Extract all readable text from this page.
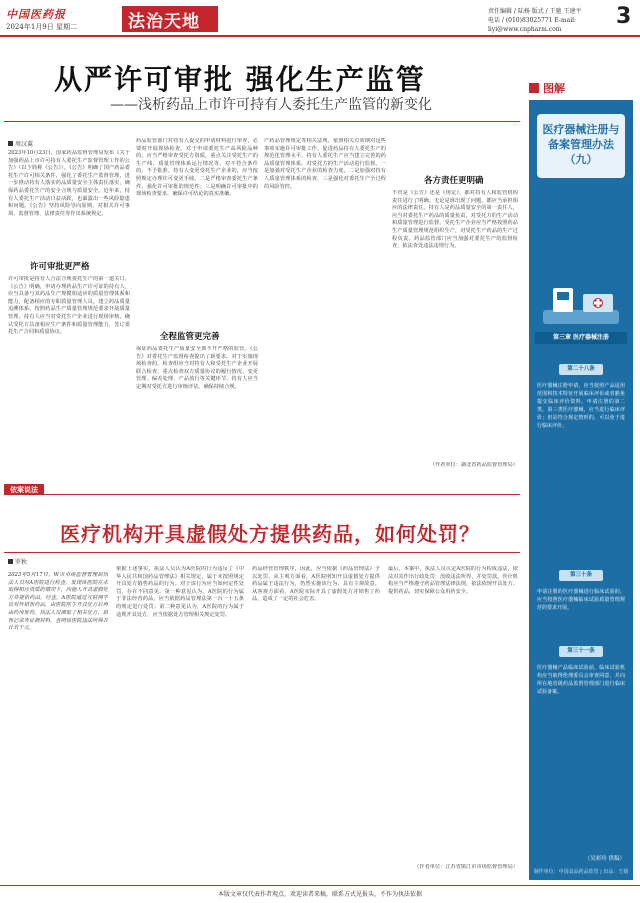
中国医药报
2024年1月9日 星期二	法治天地
责任编辑 / 陆杨 版式 / 王驰 王建平
电话 / (010)83025771 E-mail: liyi@www.cnpharm.com
3
从严许可审批 强化生产监管
——浅析药品上市许可持有人委托生产监管的新变化
周汉翼
2023年10月23日，国家药品监督管理局发布《关于加强药品上市许可持有人委托生产监督管理工作的公告》（以下简称《公告》）。《公告》明确了国产药品委托生产许可相关条件，强化了委托生产监督管理，进一步推动持有人落实药品质量安全主体责任落实，确保药品委托生产的安全合规与质量安全。近年来，持有人委托生产活动日益活跃，也暴露出一些风险隐患和问题。《公告》坚持风险导向原则，对相关许可事项、监督管理、法律责任等作出系统规定。
许可审批更严格
许可审批是持有人合法合规委托生产的第一道关口。《公告》明确，申请办理药品生产许可证的持有人，应当具备与其药品生产规模相适应的质量管理体系和能力，配备相应的专职质量管理人员，建立药品质量追溯体系，按照药品生产质量管理规范要求开展质量管理。持有人应当对受托生产企业进行现场审核，确认受托方具备相应生产条件和质量管理能力，签订委托生产合同和质量协议。
药品监管部门对持有人提交的申请材料进行审查，必要时开展现场检查。对于申请委托生产高风险品种的，应当严格审查受托方资质，重点关注受托生产的生产线、质量管理体系运行情况等。对不符合条件的，不予批准。持有人变更受托生产企业的，应当按照规定办理许可变更手续。二是严格审查委托生产条件，强化许可审批的规范性；三是明确许可审批中的现场检查要求，确保许可结论的真实准确。
全程监管更完善
保证药品委托生产质量安全离不开严格的监管。《公告》对委托生产监督检查提出了新要求。对于实施现场检查的，检查组应当对持有人和受托生产企业开展联合检查，重点检查双方质量协议的履行情况、变更管理、偏差处理、产品放行等关键环节。持有人应当定期对受托方进行审核评估，确保持续合规。
产药品管理规定等相关法规，依照相关有效期对这些事项实施许可审批工作，促进药品持有人委托生产的规范化管理水平。持有人委托生产应当建立完善的药品质量管理体系，对受托方的生产活动进行监督。一是加强对受托生产企业的检查力度，二是加强对持有人质量管理体系的检查，三是强化对委托生产全过程的风险管控。
各方责任更明确
不管是《公告》还是《规定》，都对持有人和监管机构责任进行了明确。无论是谁出现了问题，都应当承担相应的法律责任。持有人是药品质量安全的第一责任人，应当对委托生产药品的质量负责，对受托方的生产活动和质量管理进行监督。受托生产企业应当严格按照药品生产质量管理规范组织生产，对受托生产药品的生产过程负责。药品监管部门应当加强对委托生产的监督检查，依法查处违法违规行为。
（作者单位：湖北省药品监督管理局）
图解
医疗器械注册与备案管理办法（九）
第三章 医疗器械注册
第二十八条
医疗器械注册申请，应当按照产品适用范围和技术特征开展临床评价或者豁免提交临床评价资料。申请注册的第二类、第三类医疗器械，应当进行临床评价；但是符合规定情形的，可以免于进行临床评价。
第三十条
申请注册的医疗器械进行临床试验的，应当按照医疗器械临床试验质量管理规范的要求开展。
第三十一条
医疗器械产品临床试验前，临床试验机构应当取得伦理委员会审查同意，并向所在地省级药品监督管理部门进行临床试验备案。
（吴彩玲 供稿）
制作单位：中国食品药品监管 | 出品：王婧
依案说法
医疗机构开具虚假处方提供药品，如何处罚？
罗秋
2023年5月17日，W市市场监督管理局执法人员对A医院进行检查，发现该医院在未取得相应资质的情况下，向他人开具虚假处方并提供药品。经查，A医院通过互联网平台对外销售药品，由医院医生开具处方后再由药房发药。执法人员调取了相关处方、销售记录等证据材料，查明该医院违法所得共计若干元。
依据上述事实，执法人员认为A医院的行为违反了《中华人民共和国药品管理法》相关规定，属于未按照规定开具处方销售药品的行为。对于该行为应当如何定性处罚，存在不同意见。第一种意见认为，A医院的行为属于非法经营药品，应当依据药品管理法第一百一十五条的规定进行处罚；第二种意见认为，A医院的行为属于违规开具处方，应当依据处方管理相关规定处罚。
药品经营管理秩序，因此，应当依据《药品管理法》予以处罚。从主观方面看，A医院明知开具虚假处方提供药品属于违法行为，仍然实施该行为，具有主观故意。从客观方面看，A医院实际开具了虚假处方并销售了药品，造成了一定的社会危害。
最后，本案中，执法人员认定A医院的行为构成违法，依法对其作出行政处罚：没收违法所得，并处罚款。医疗机构应当严格遵守药品管理法律法规，依法依规开具处方、提供药品，切实保障公众用药安全。
（作者单位：江苏省镇江市市场监督管理局）
本版文章仅代表作者观点，欢迎读者来稿，联系方式见报头，不作为执法依据
